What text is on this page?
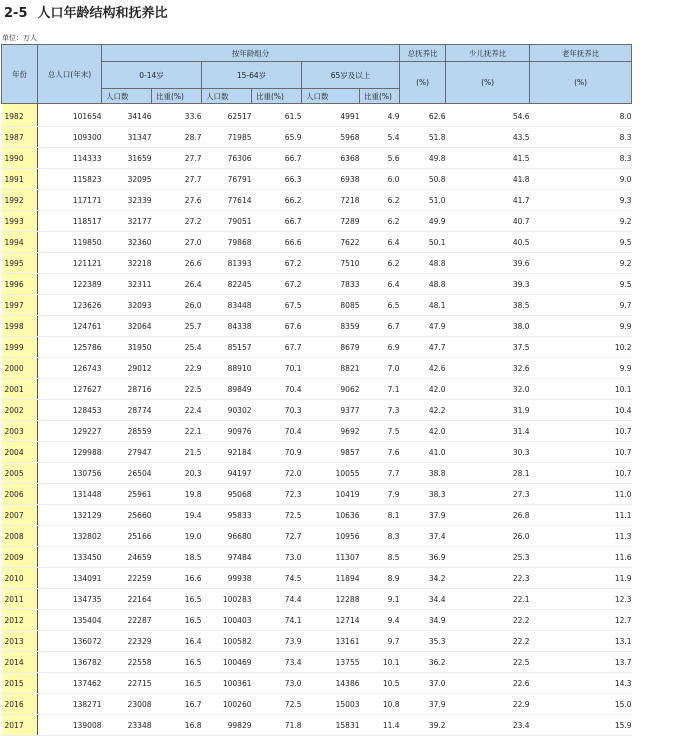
2-5 人口年龄结构和抚养比
单位：万人
年份	总人口(年末)	按年龄组分						总抚养比	少儿抚养比	老年抚养比
		0-14岁		15-64岁		65岁及以上		(%)	(%)	(%)
		人口数	比重(%)	人口数	比重(%)	人口数	比重(%)			
1982	101654	34146	33.6	62517	61.5	4991	4.9	62.6	54.6	8.0
1987	109300	31347	28.7	71985	65.9	5968	5.4	51.8	43.5	8.3
1990	114333	31659	27.7	76306	66.7	6368	5.6	49.8	41.5	8.3
1991	115823	32095	27.7	76791	66.3	6938	6.0	50.8	41.8	9.0
1992	117171	32339	27.6	77614	66.2	7218	6.2	51.0	41.7	9.3
1993	118517	32177	27.2	79051	66.7	7289	6.2	49.9	40.7	9.2
1994	119850	32360	27.0	79868	66.6	7622	6.4	50.1	40.5	9.5
1995	121121	32218	26.6	81393	67.2	7510	6.2	48.8	39.6	9.2
1996	122389	32311	26.4	82245	67.2	7833	6.4	48.8	39.3	9.5
1997	123626	32093	26.0	83448	67.5	8085	6.5	48.1	38.5	9.7
1998	124761	32064	25.7	84338	67.6	8359	6.7	47.9	38.0	9.9
1999	125786	31950	25.4	85157	67.7	8679	6.9	47.7	37.5	10.2
2000	126743	29012	22.9	88910	70.1	8821	7.0	42.6	32.6	9.9
2001	127627	28716	22.5	89849	70.4	9062	7.1	42.0	32.0	10.1
2002	128453	28774	22.4	90302	70.3	9377	7.3	42.2	31.9	10.4
2003	129227	28559	22.1	90976	70.4	9692	7.5	42.0	31.4	10.7
2004	129988	27947	21.5	92184	70.9	9857	7.6	41.0	30.3	10.7
2005	130756	26504	20.3	94197	72.0	10055	7.7	38.8	28.1	10.7
2006	131448	25961	19.8	95068	72.3	10419	7.9	38.3	27.3	11.0
2007	132129	25660	19.4	95833	72.5	10636	8.1	37.9	26.8	11.1
2008	132802	25166	19.0	96680	72.7	10956	8.3	37.4	26.0	11.3
2009	133450	24659	18.5	97484	73.0	11307	8.5	36.9	25.3	11.6
2010	134091	22259	16.6	99938	74.5	11894	8.9	34.2	22.3	11.9
2011	134735	22164	16.5	100283	74.4	12288	9.1	34.4	22.1	12.3
2012	135404	22287	16.5	100403	74.1	12714	9.4	34.9	22.2	12.7
2013	136072	22329	16.4	100582	73.9	13161	9.7	35.3	22.2	13.1
2014	136782	22558	16.5	100469	73.4	13755	10.1	36.2	22.5	13.7
2015	137462	22715	16.5	100361	73.0	14386	10.5	37.0	22.6	14.3
2016	138271	23008	16.7	100260	72.5	15003	10.8	37.9	22.9	15.0
2017	139008	23348	16.8	99829	71.8	15831	11.4	39.2	23.4	15.9
